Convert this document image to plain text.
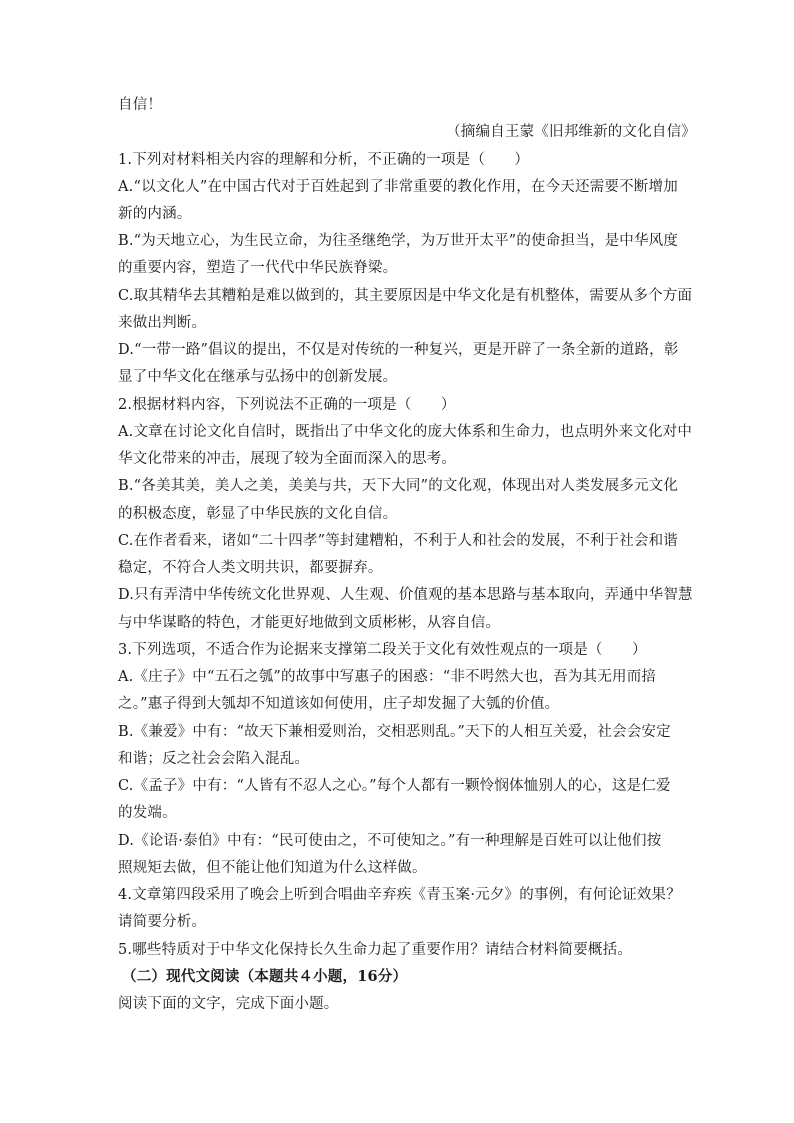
自信！
（摘编自王蒙《旧邦维新的文化自信》
1.下列对材料相关内容的理解和分析，不正确的一项是（　　）
A.“以文化人”在中国古代对于百姓起到了非常重要的教化作用，在今天还需要不断增加
新的内涵。
B.“为天地立心，为生民立命，为往圣继绝学，为万世开太平”的使命担当，是中华风度
的重要内容，塑造了一代代中华民族脊梁。
C.取其精华去其糟粕是难以做到的，其主要原因是中华文化是有机整体，需要从多个方面
来做出判断。
D.“一带一路”倡议的提出，不仅是对传统的一种复兴，更是开辟了一条全新的道路，彰
显了中华文化在继承与弘扬中的创新发展。
2.根据材料内容，下列说法不正确的一项是（　　）
A.文章在讨论文化自信时，既指出了中华文化的庞大体系和生命力，也点明外来文化对中
华文化带来的冲击，展现了较为全面而深入的思考。
B.“各美其美，美人之美，美美与共，天下大同”的文化观，体现出对人类发展多元文化
的积极态度，彰显了中华民族的文化自信。
C.在作者看来，诸如“二十四孝”等封建糟粕，不利于人和社会的发展，不利于社会和谐
稳定，不符合人类文明共识，都要摒弃。
D.只有弄清中华传统文化世界观、人生观、价值观的基本思路与基本取向，弄通中华智慧
与中华谋略的特色，才能更好地做到文质彬彬，从容自信。
3.下列选项，不适合作为论据来支撑第二段关于文化有效性观点的一项是（　　）
A.《庄子》中“五石之瓠”的故事中写惠子的困惑：“非不呺然大也，吾为其无用而掊
之。”惠子得到大瓠却不知道该如何使用，庄子却发掘了大瓠的价值。
B.《兼爱》中有：“故天下兼相爱则治，交相恶则乱。”天下的人相互关爱，社会会安定
和谐；反之社会会陷入混乱。
C.《孟子》中有：“人皆有不忍人之心。”每个人都有一颗怜悯体恤别人的心，这是仁爱
的发端。
D.《论语·泰伯》中有：“民可使由之，不可使知之。”有一种理解是百姓可以让他们按
照规矩去做，但不能让他们知道为什么这样做。
4.文章第四段采用了晚会上听到合唱曲辛弃疾《青玉案·元夕》的事例，有何论证效果？
请简要分析。
5.哪些特质对于中华文化保持长久生命力起了重要作用？请结合材料简要概括。
（二）现代文阅读（本题共４小题，16分）
阅读下面的文字，完成下面小题。
